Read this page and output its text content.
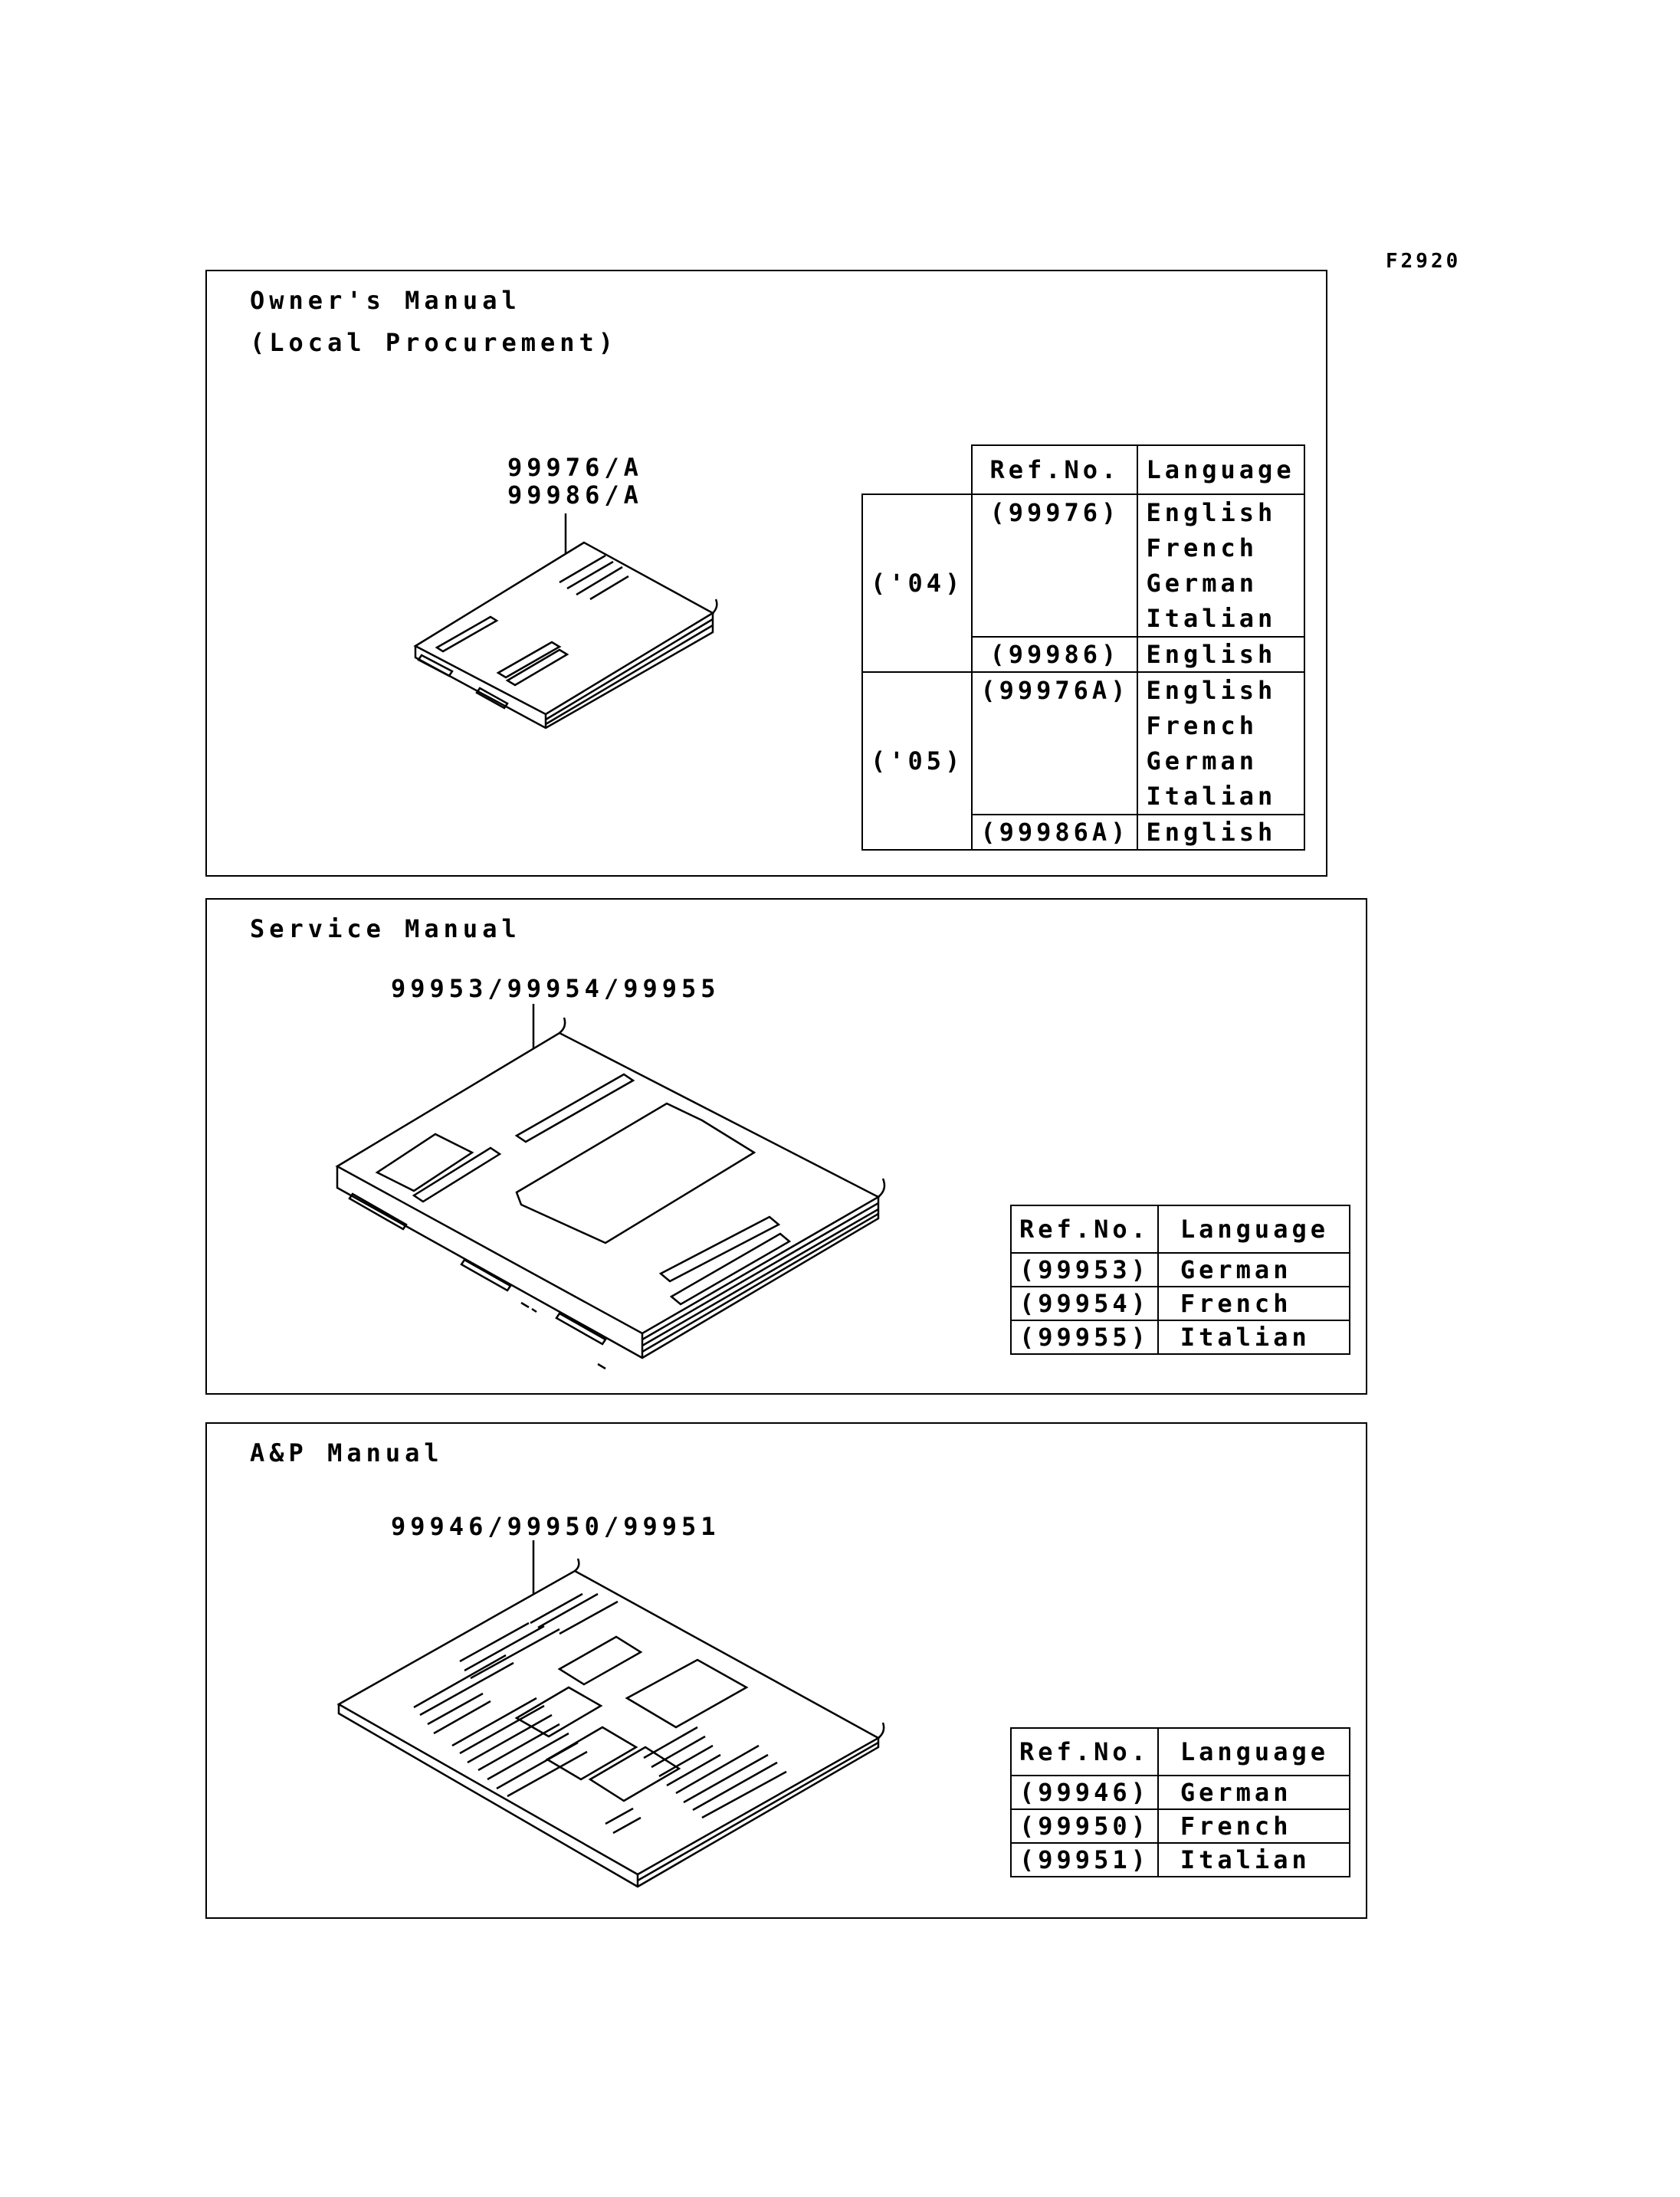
F2920
Owner's Manual
(Local Procurement)
99976/A
99986/A
	Ref.No.	Language
('04)	(99976)	English
French
German
Italian

	(99986)	English
('05)	(99976A)	English
French
German
Italian

	(99986A)	English
Service Manual
99953/99954/99955
Ref.No.	Language
(99953)	German
(99954)	French
(99955)	Italian
A&P Manual
99946/99950/99951
Ref.No.	Language
(99946)	German
(99950)	French
(99951)	Italian
